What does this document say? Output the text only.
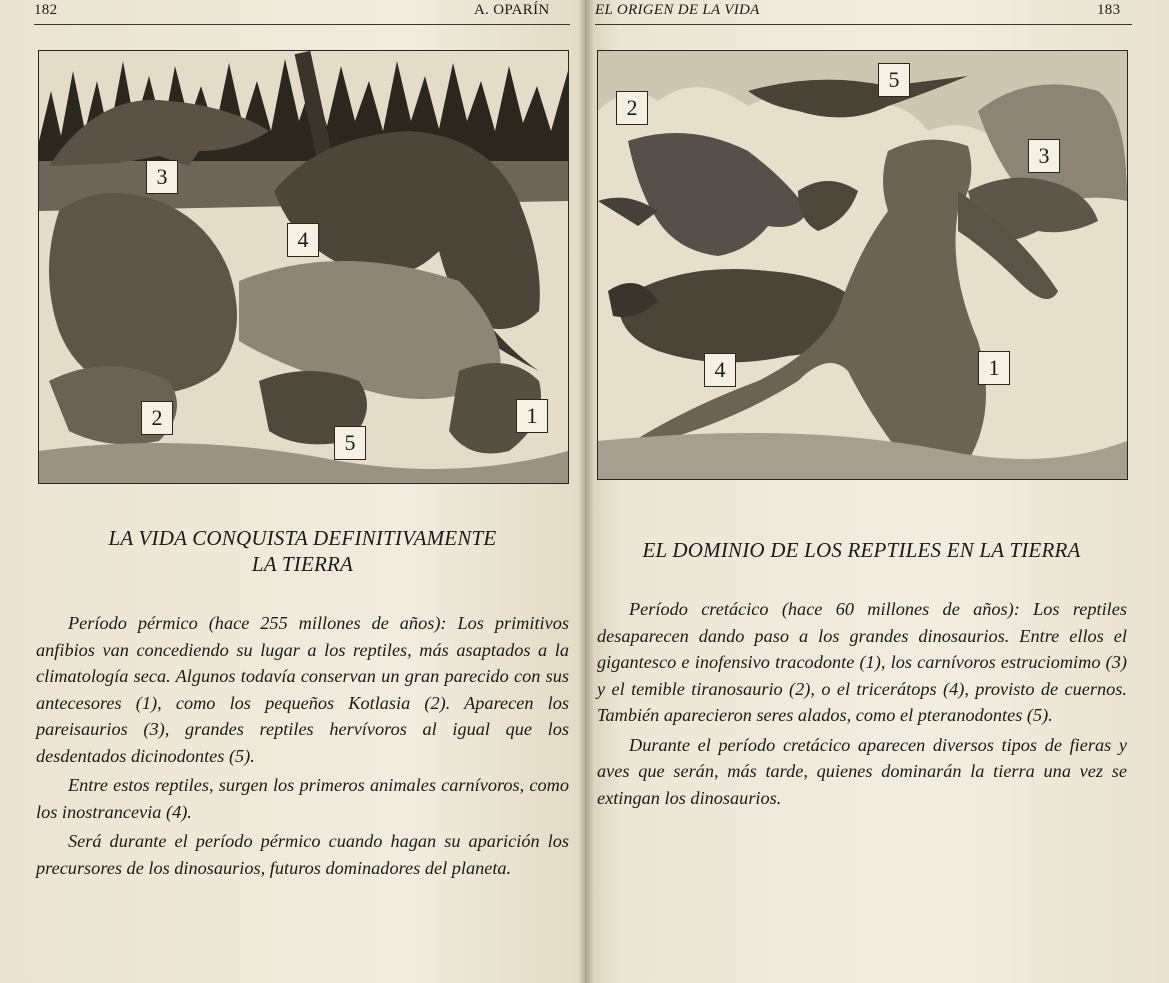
182	A. OPARÍN
3
4
2
5
1
LA VIDA CONQUISTA DEFINITIVAMENTE
LA TIERRA

Período pérmico (hace 255 millones de años): Los primitivos anfibios van concediendo su lugar a los reptiles, más asaptados a la climatología seca. Algunos todavía conservan un gran parecido con sus antecesores (1), como los pequeños Kotlasia (2). Aparecen los pareisaurios (3), grandes reptiles hervívoros al igual que los desdentados dicinodontes (5).

Entre estos reptiles, surgen los primeros animales carnívoros, como los inostrancevia (4).

Será durante el período pérmico cuando hagan su aparición los precursores de los dinosaurios, futuros dominadores del planeta.

EL ORIGEN DE LA VIDA	183
5
2
3
4	1
EL DOMINIO DE LOS REPTILES EN LA TIERRA

Período cretácico (hace 60 millones de años): Los reptiles desaparecen dando paso a los grandes dinosaurios. Entre ellos el gigantesco e inofensivo tracodonte (1), los carnívoros estruciomimo (3) y el temible tiranosaurio (2), o el tricerátops (4), provisto de cuernos. También aparecieron seres alados, como el pteranodontes (5).

Durante el período cretácico aparecen diversos tipos de fieras y aves que serán, más tarde, quienes dominarán la tierra una vez se extingan los dinosaurios.
